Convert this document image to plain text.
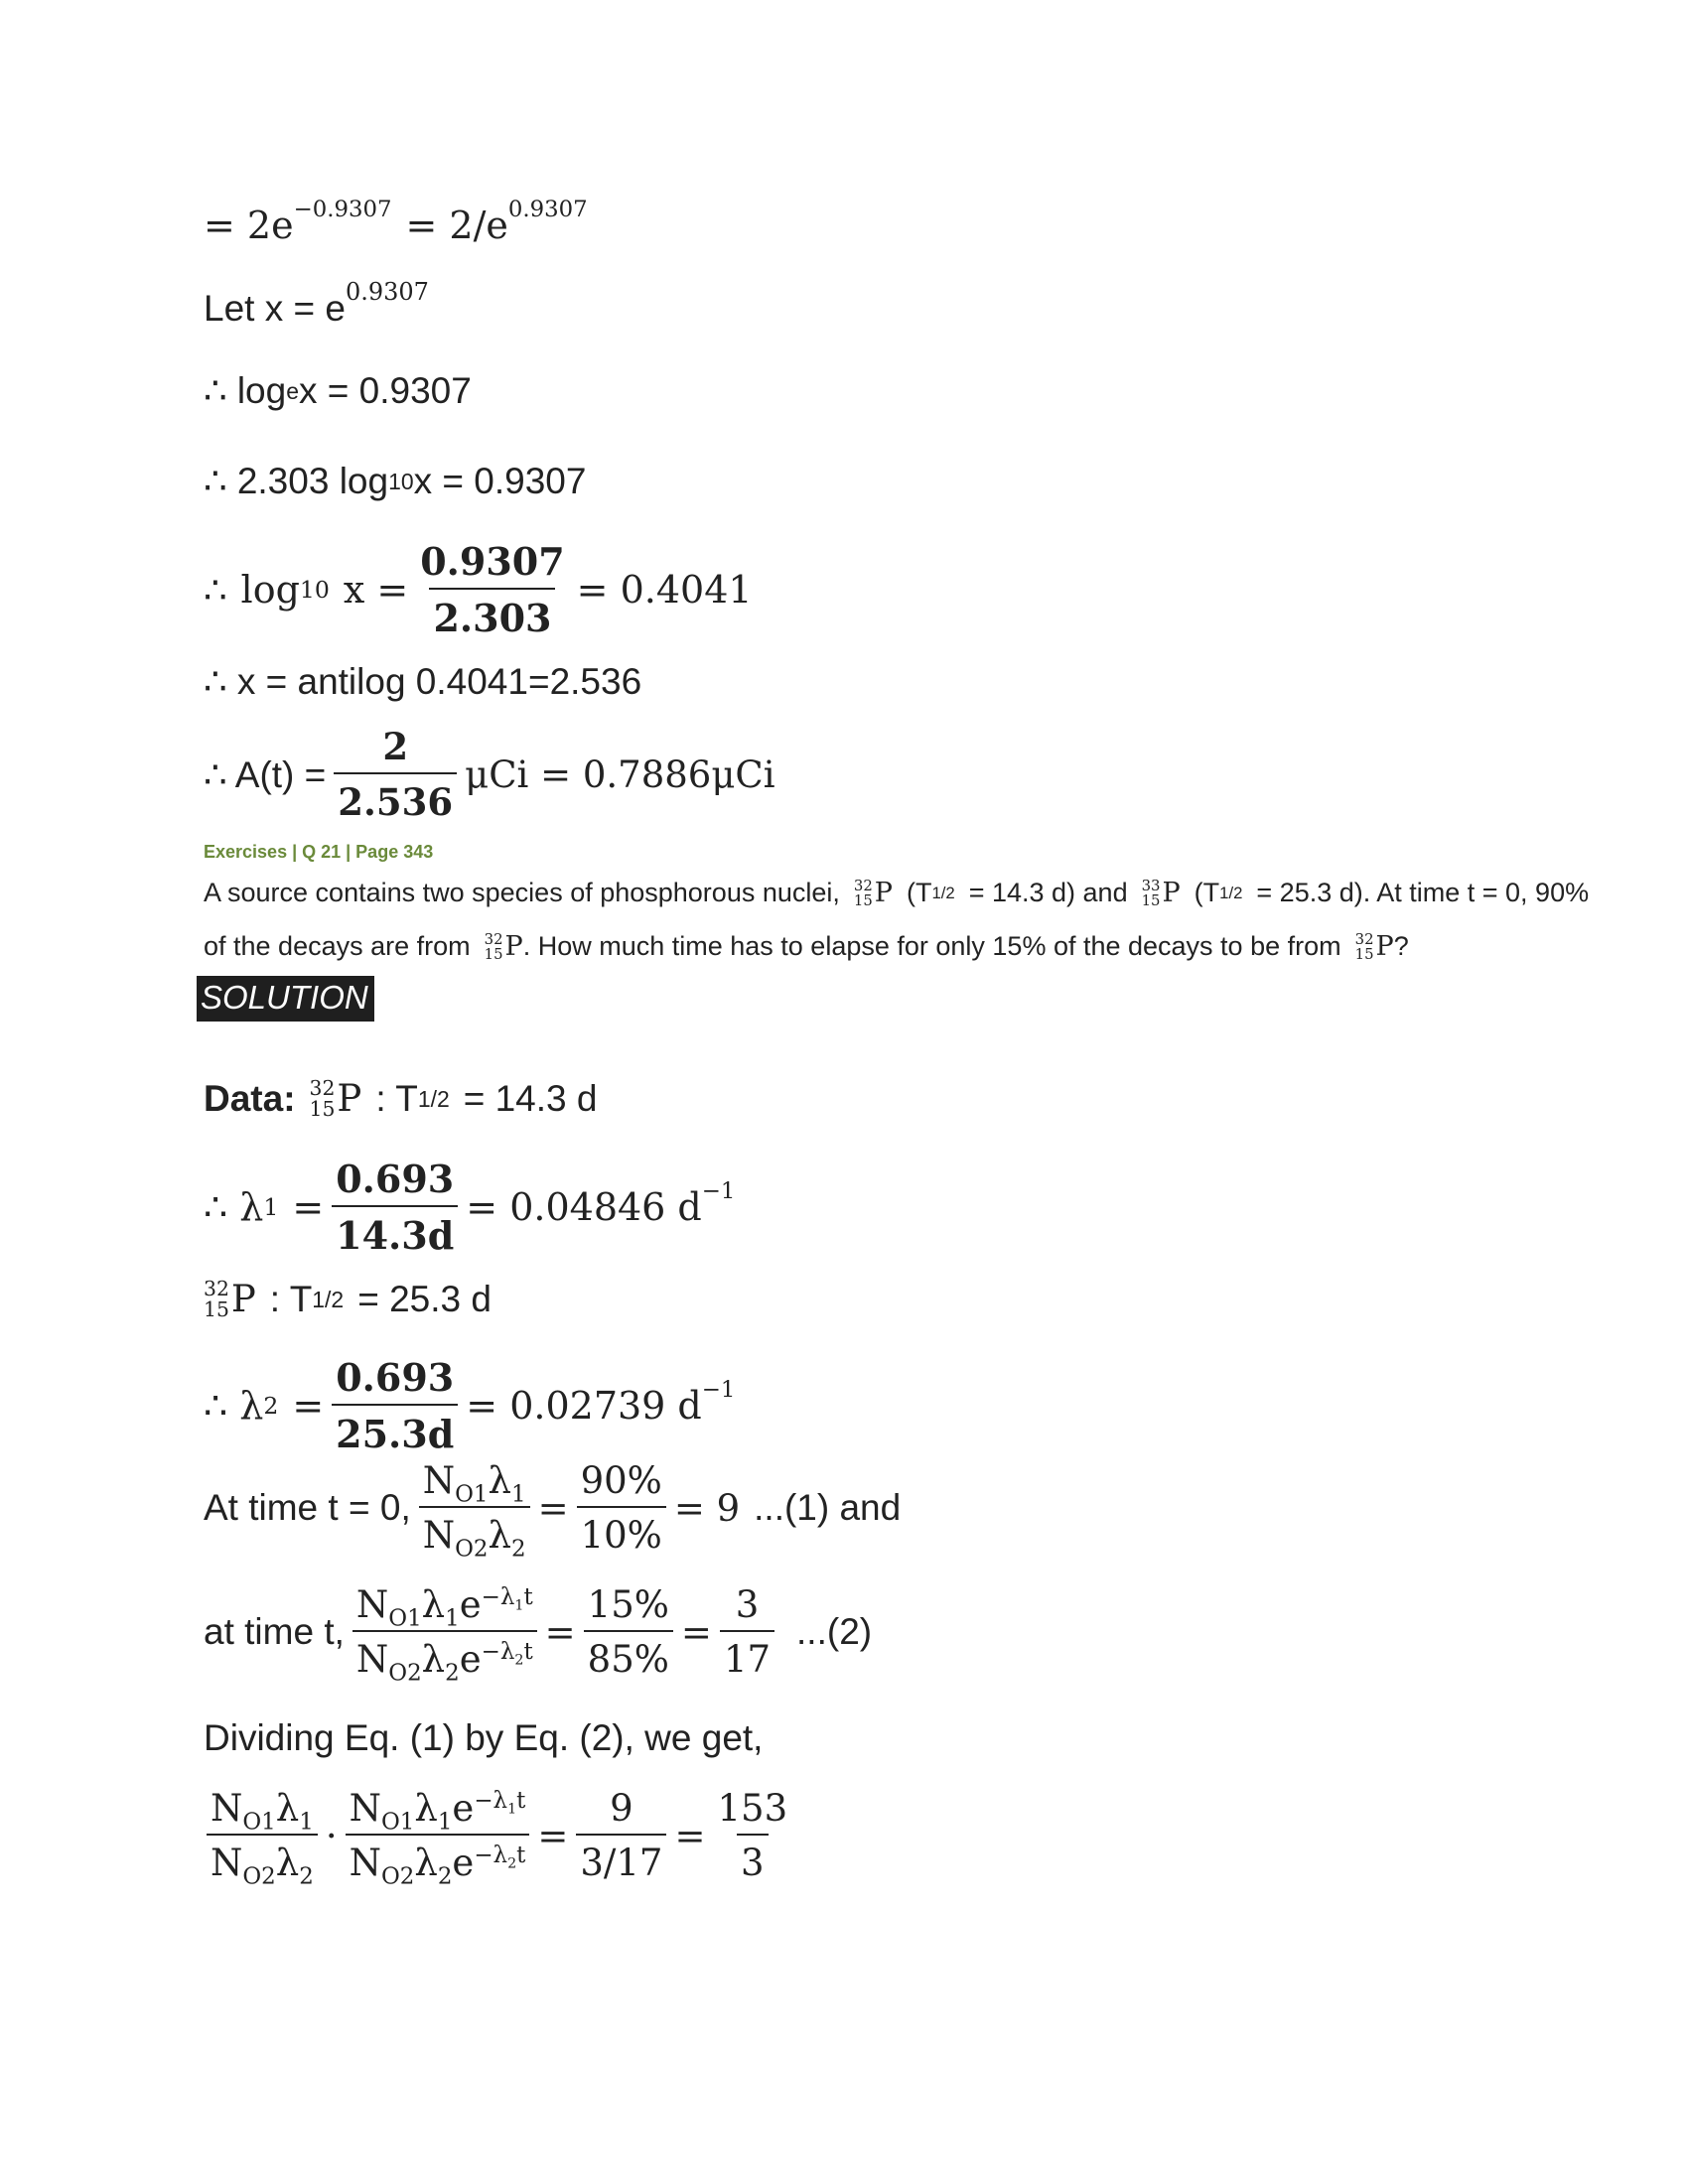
= 2e −0.9307 = 2/e 0.9307
Let x = e 0.9307
∴ log e x = 0.9307
∴ 2.303 log 10 x = 0.9307
∴ log 10 $x = \frac{0.9307}{2.303} = 0.4041$
∴ x = antilog 0.4041=2.536
∴ $A(t) = \frac{2}{2.536}$ μCi = 0.7886μCi
Exercises | Q 21 | Page 343
A source contains two species of phosphorous nuclei, 32
15 P (T 1/2 = 14.3 d) and 33
15 P (T 1/2 = 25.3 d). At time t = 0, 90%
of the decays are from 32
15 P . How much time has to elapse for only 15% of the decays to be from 32
15 P ?
SOLUTION
Data: 32
15 P : T 1/2 = 14.3 d
∴ λ $1 = \frac{0.693}{14.3d} = 0.04846$ d −1
32
15 P : T 1/2 = 25.3 d
∴ λ $2 = \frac{0.693}{25.3d} = 0.02739$ d −1
At time t = 0, $\frac{N_{O1}\lambda_1}{N_{O2}\lambda_2} = \frac{90\%}{10\%} = 9$ ...(1) and
at time t, $\frac{N_{O1}\lambda_1e^{-\lambda_1t}}{N_{O2}\lambda_2e^{-\lambda_2t}} = \frac{15\%}{85\%} = \frac{3}{17} ...(2)$
Dividing Eq. (1) by Eq. (2), we get,
$\frac{N_{O1}\lambda_1}{N_{O2}\lambda_2} \cdot \frac{N_{O1}\lambda_1e^{-\lambda_1t}}{N_{O2}\lambda_2e^{-\lambda_2t}} = \frac{9}{3/17} = \frac{153}{3}$
